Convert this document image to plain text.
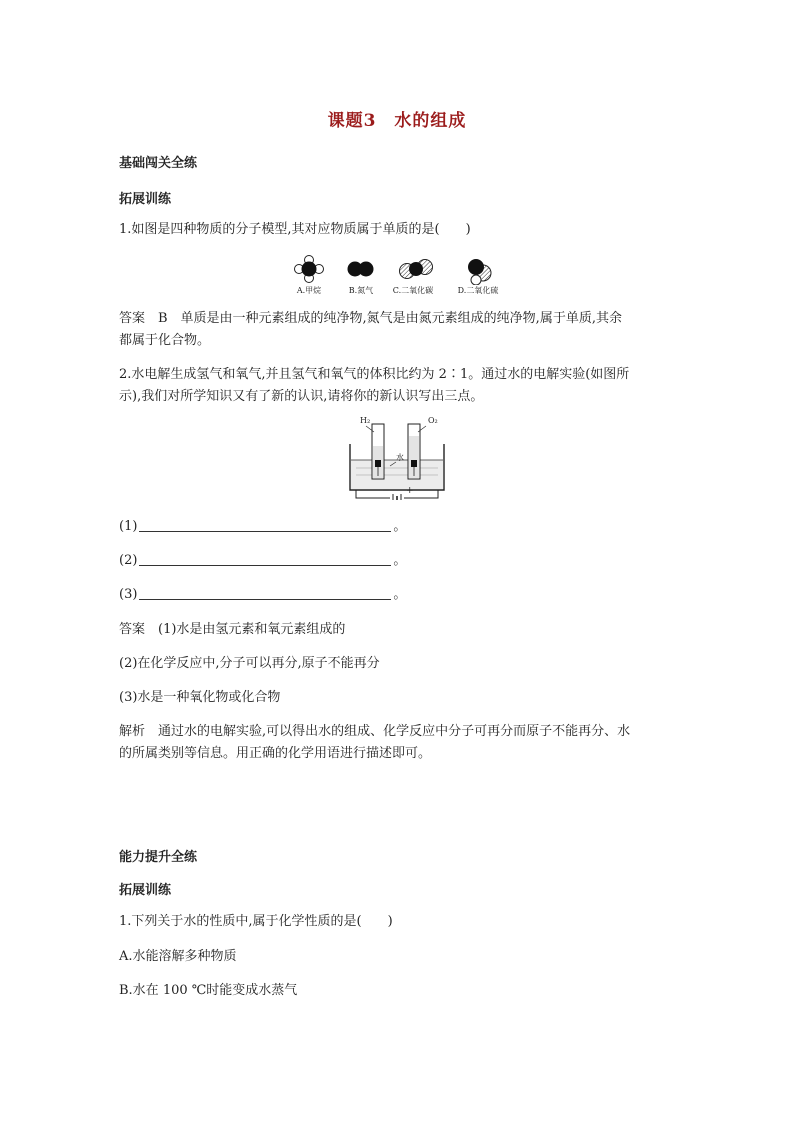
课题3　水的组成
基础闯关全练
拓展训练
1.如图是四种物质的分子模型,其对应物质属于单质的是(　　)
A.甲烷	B.氮气	C.二氧化碳	D.二氧化硫
答案　B　单质是由一种元素组成的纯净物,氮气是由氮元素组成的纯净物,属于单质,其余
都属于化合物。
2.水电解生成氢气和氧气,并且氢气和氧气的体积比约为 2∶1。通过水的电解实验(如图所
示),我们对所学知识又有了新的认识,请将你的新认识写出三点。
H₂	O₂
水
− +
(1)	。
(2)	。
(3)	。
答案　(1)水是由氢元素和氧元素组成的
(2)在化学反应中,分子可以再分,原子不能再分
(3)水是一种氧化物或化合物
解析　通过水的电解实验,可以得出水的组成、化学反应中分子可再分而原子不能再分、水
的所属类别等信息。用正确的化学用语进行描述即可。
能力提升全练
拓展训练
1.下列关于水的性质中,属于化学性质的是(　　)
A.水能溶解多种物质
B.水在 100 ℃时能变成水蒸气
